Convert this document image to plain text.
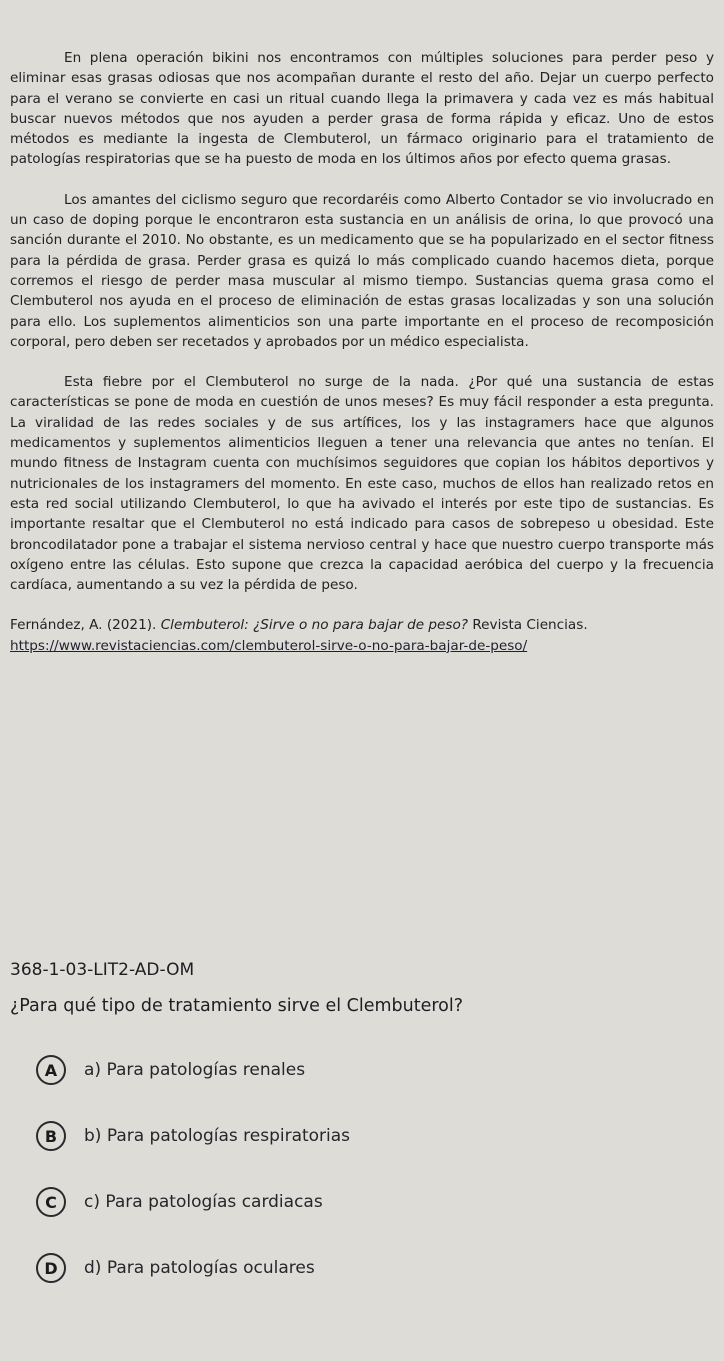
En plena operación bikini nos encontramos con múltiples soluciones para perder peso y eliminar esas grasas odiosas que nos acompañan durante el resto del año. Dejar un cuerpo perfecto para el verano se convierte en casi un ritual cuando llega la primavera y cada vez es más habitual buscar nuevos métodos que nos ayuden a perder grasa de forma rápida y eficaz. Uno de estos métodos es mediante la ingesta de Clembuterol, un fármaco originario para el tratamiento de patologías respiratorias que se ha puesto de moda en los últimos años por efecto quema grasas.

Los amantes del ciclismo seguro que recordaréis como Alberto Contador se vio involucrado en un caso de doping porque le encontraron esta sustancia en un análisis de orina, lo que provocó una sanción durante el 2010. No obstante, es un medicamento que se ha popularizado en el sector fitness para la pérdida de grasa. Perder grasa es quizá lo más complicado cuando hacemos dieta, porque corremos el riesgo de perder masa muscular al mismo tiempo. Sustancias quema grasa como el Clembuterol nos ayuda en el proceso de eliminación de estas grasas localizadas y son una solución para ello. Los suplementos alimenticios son una parte importante en el proceso de recomposición corporal, pero deben ser recetados y aprobados por un médico especialista.

Esta fiebre por el Clembuterol no surge de la nada. ¿Por qué una sustancia de estas características se pone de moda en cuestión de unos meses? Es muy fácil responder a esta pregunta. La viralidad de las redes sociales y de sus artífices, los y las instagramers hace que algunos medicamentos y suplementos alimenticios lleguen a tener una relevancia que antes no tenían. El mundo fitness de Instagram cuenta con muchísimos seguidores que copian los hábitos deportivos y nutricionales de los instagramers del momento. En este caso, muchos de ellos han realizado retos en esta red social utilizando Clembuterol, lo que ha avivado el interés por este tipo de sustancias. Es importante resaltar que el Clembuterol no está indicado para casos de sobrepeso u obesidad. Este broncodilatador pone a trabajar el sistema nervioso central y hace que nuestro cuerpo transporte más oxígeno entre las células. Esto supone que crezca la capacidad aeróbica del cuerpo y la frecuencia cardíaca, aumentando a su vez la pérdida de peso.

Fernández, A. (2021). Clembuterol: ¿Sirve o no para bajar de peso? Revista Ciencias.
https://www.revistaciencias.com/clembuterol-sirve-o-no-para-bajar-de-peso/

368-1-03-LIT2-AD-OM

¿Para qué tipo de tratamiento sirve el Clembuterol?

A	a) Para patologías renales
B	b) Para patologías respiratorias
C	c) Para patologías cardiacas
D	d) Para patologías oculares
